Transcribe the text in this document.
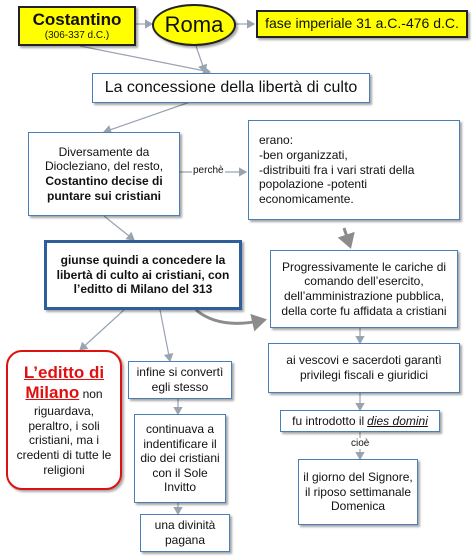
Costantino
(306-337 d.C.)	Roma	fase imperiale 31 a.C.-476 d.C.
La concessione della libertà di culto
Diversamente da Diocleziano, del resto,
Costantino decise di puntare sui cristiani
perchè
erano:
-ben organizzati,
-distribuiti fra i vari strati della popolazione -potenti economicamente.
giunse quindi a concedere la libertà di culto ai cristiani, con l’editto di Milano del 313
Progressivamente le cariche di comando dell’esercito, dell’amministrazione pubblica, della corte fu affidata a cristiani
L’editto di
Milano non riguardava, peraltro, i soli cristiani, ma i credenti di tutte le religioni
infine si convertì egli stesso
ai vescovi e sacerdoti garantì privilegi fiscali e giuridici
fu introdotto il dies domini
cioè
continuava a indentificare il dio dei cristiani con il Sole Invitto
il giorno del Signore, il riposo settimanale Domenica
una divinità pagana
